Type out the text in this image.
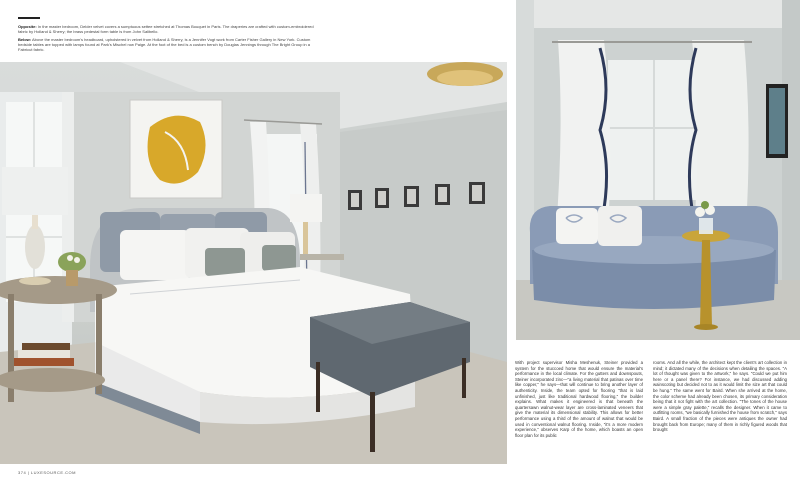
Opposite: In the master bedroom, Delder velvet covers a sumptuous settee stretched at Thomas Bouquet in Paris. The draperies are crafted with custom-embroidered fabric by Holland & Sherry; the brass pedestal form table is from John Salibello.

Below: Above the master bedroom's headboard, upholstered in velvet from Holland & Sherry, is a Jennifer Vogt work from Carter Fisher Gallery in New York. Custom bedside tables are topped with lamps found at Park's Mischel row Paige. At the foot of the bed is a custom bench by Douglas Jennings through The Bright Group in a Fabricut fabric.

With project supervisor Misha Meshenuk, Steiner provided a system for the stuccoed home that would ensure the material's performance in the local climate. For the gutters and downspouts, Steiner incorporated zinc—"a living material that patinas over time like copper," he says—that will continue to bring another layer of authenticity. Inside, the team opted for flooring "that is laid unfinished, just like traditional hardwood flooring," the builder explains. What makes it engineered is that beneath the quartersawn walnut-wear layer are cross-laminated veneers that give the material its dimensional stability. This allows for better performance using a third of the amount of walnut that would be used in conventional walnut flooring. Inside, "it's a more modern experience," observes Karp of the home, which boasts an open floor plan for its public
rooms. And all the while, the architect kept the client's art collection in mind; it dictated many of the decisions when detailing the spaces. "A lot of thought was given to the artwork," he says. "Could we put him here or a panel there? For instance, we had discussed adding wainscoting but decided not to as it would limit the size art that could be hung." The same went for Baird. When she arrived at the home, the color scheme had already been chosen, its primary consideration being that it not fight with the art collection. "The tones of the house were a simple gray palette," recalls the designer. When it came to outfitting rooms, "we basically furnished the house from scratch," says Baird. A small fraction of the pieces were antiques the owner had brought back from Europe; many of them in richly figured woods that brought
374 | LUXESOURCE.COM
